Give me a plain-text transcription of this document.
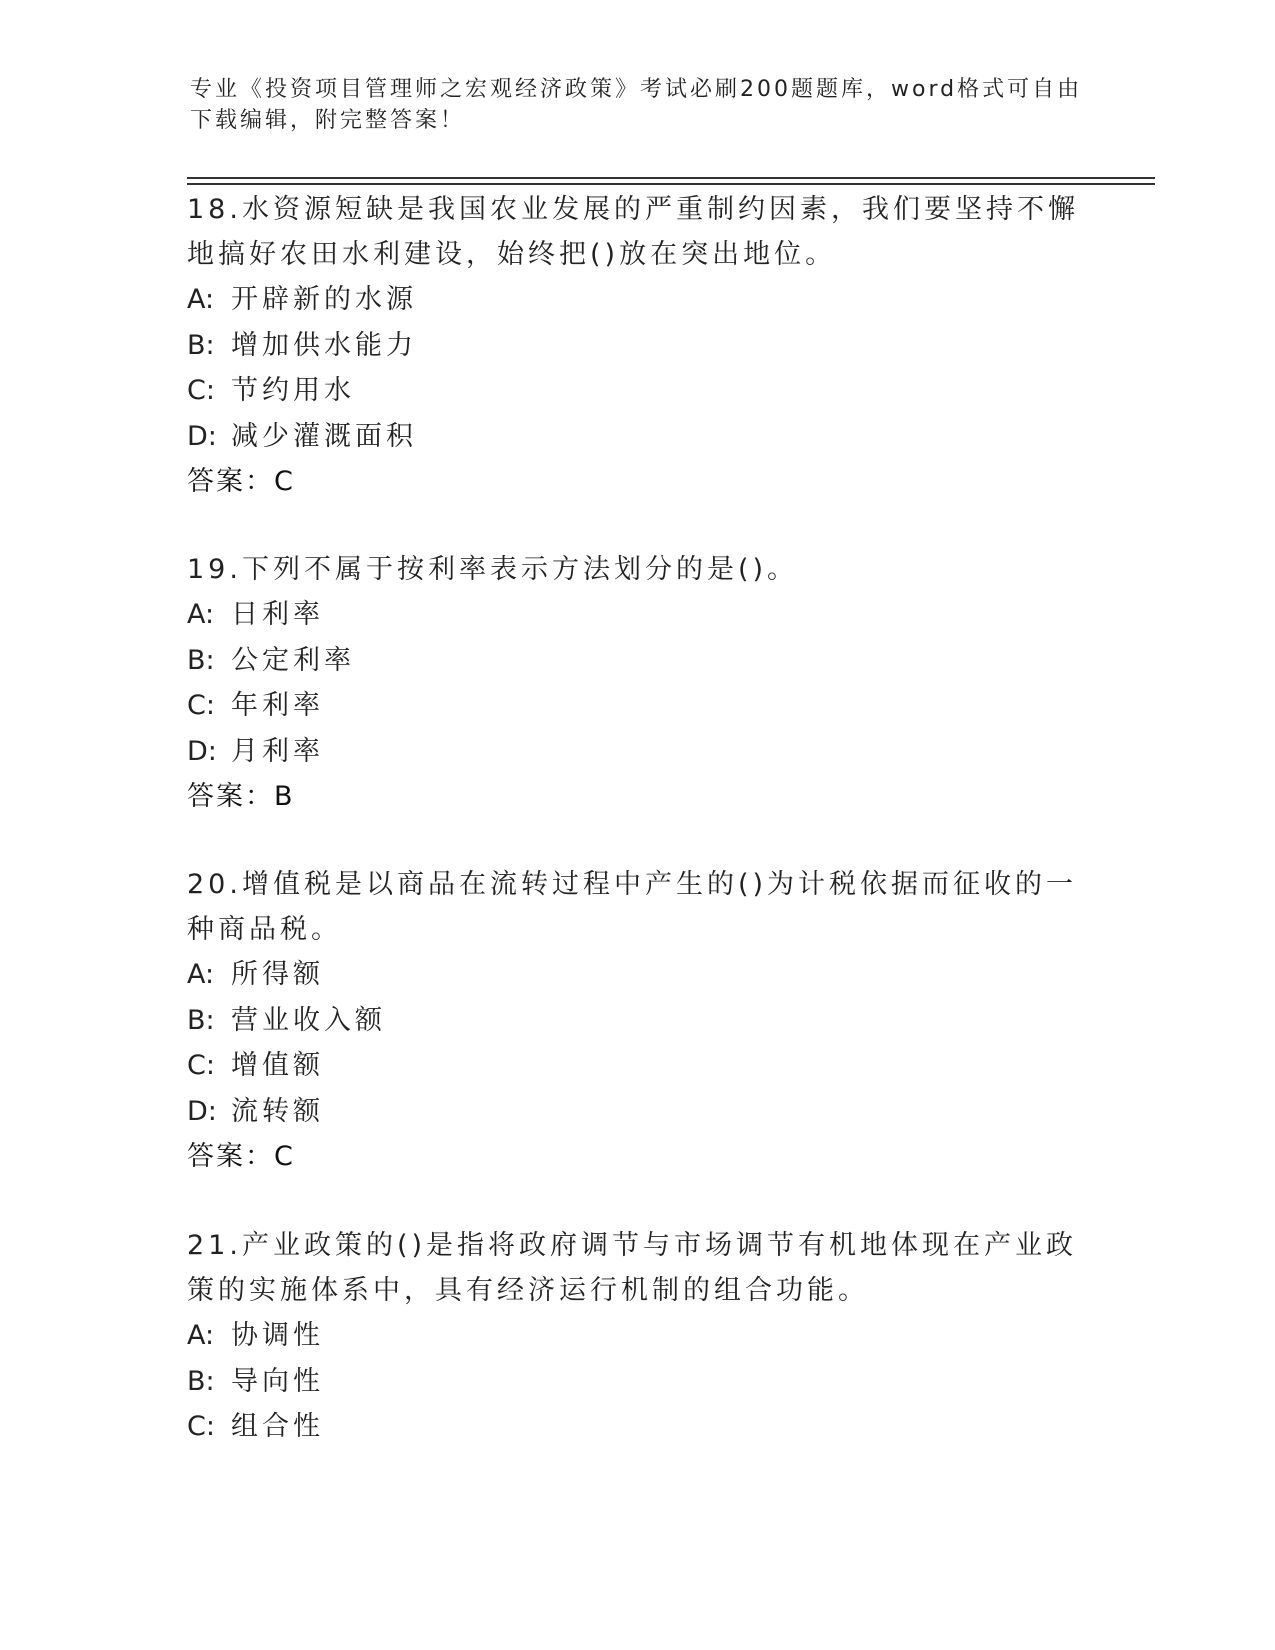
专业《投资项目管理师之宏观经济政策》考试必刷200题题库，word格式可自由下载编辑，附完整答案！

18.水资源短缺是我国农业发展的严重制约因素，我们要坚持不懈地搞好农田水利建设，始终把()放在突出地位。

A: 开辟新的水源

B: 增加供水能力

C: 节约用水

D: 减少灌溉面积

答案：C

19.下列不属于按利率表示方法划分的是()。

A: 日利率

B: 公定利率

C: 年利率

D: 月利率

答案：B

20.增值税是以商品在流转过程中产生的()为计税依据而征收的一种商品税。

A: 所得额

B: 营业收入额

C: 增值额

D: 流转额

答案：C

21.产业政策的()是指将政府调节与市场调节有机地体现在产业政策的实施体系中，具有经济运行机制的组合功能。

A: 协调性

B: 导向性

C: 组合性
